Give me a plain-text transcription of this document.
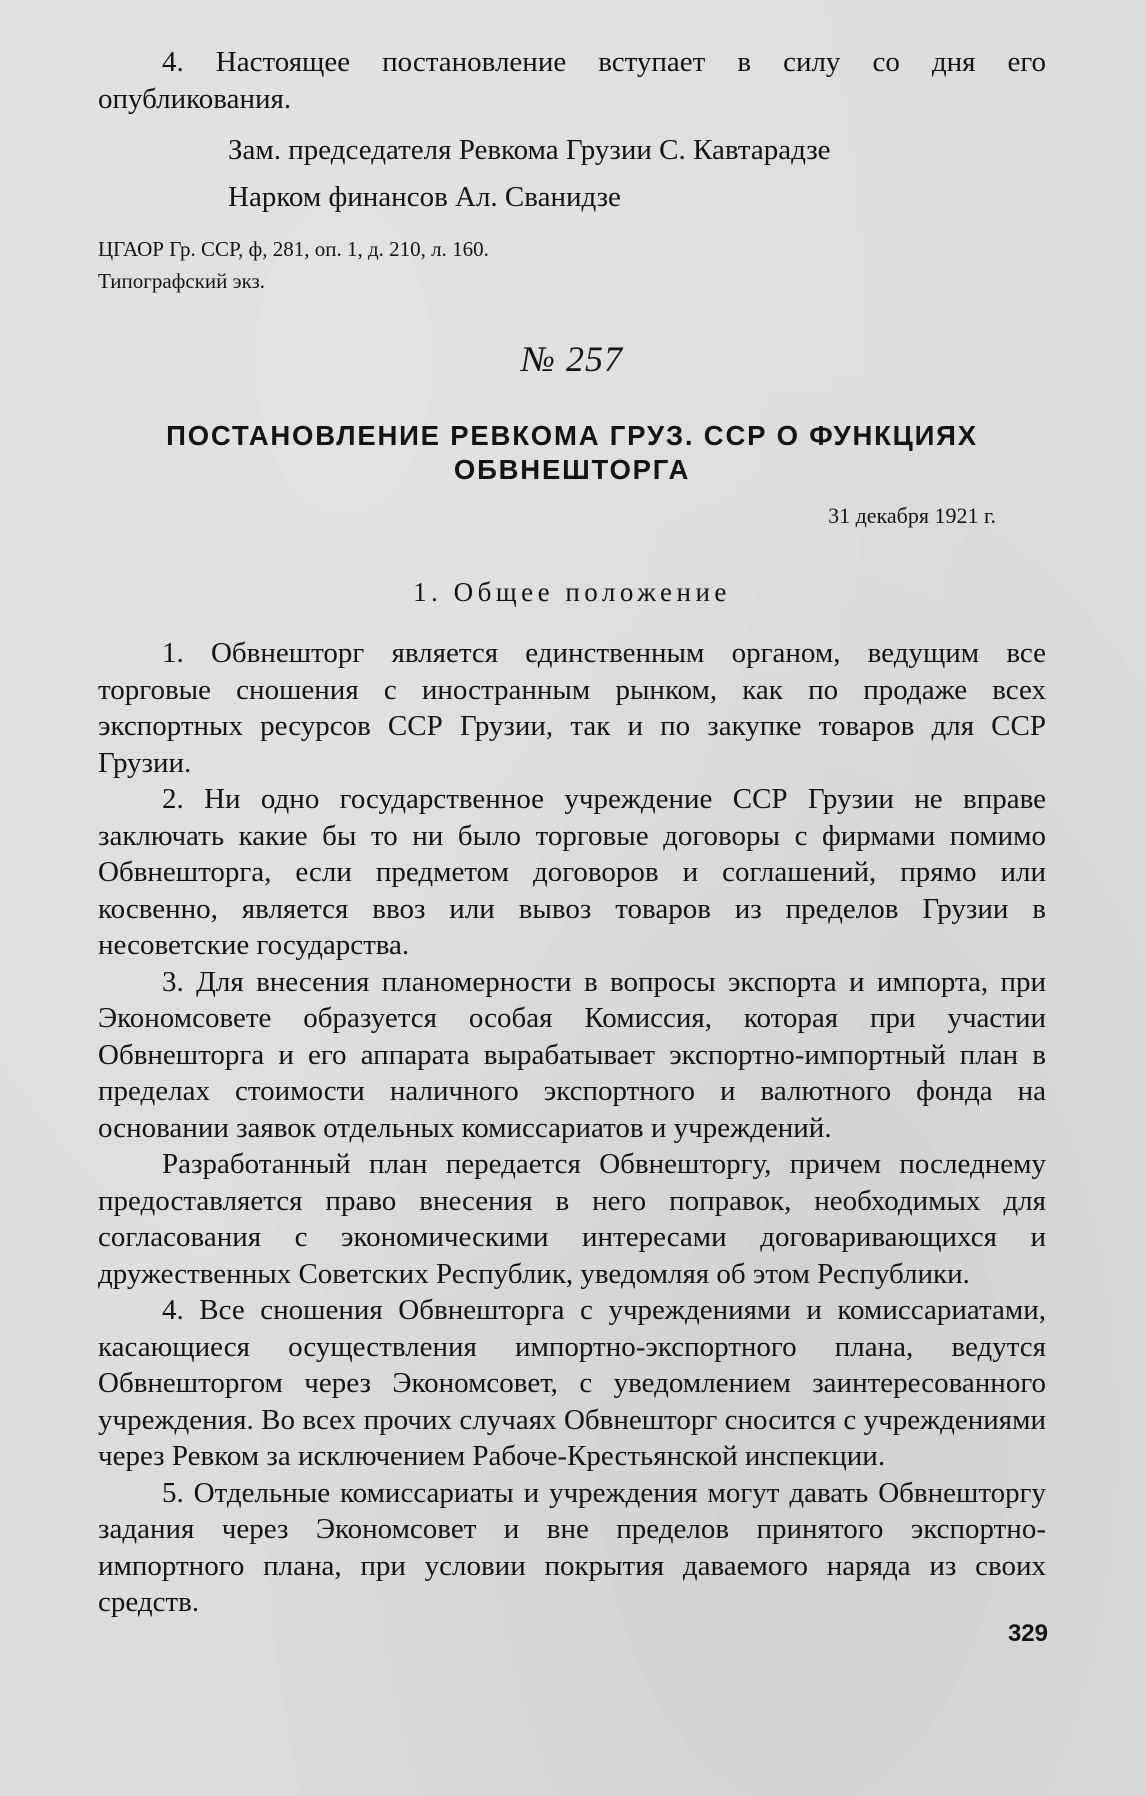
4. Настоящее постановление вступает в силу со дня его опубликования.

Зам. председателя Ревкома Грузии С. Кавтарадзе
Нарком финансов Ал. Сванидзе
ЦГАОР Гр. ССР, ф, 281, оп. 1, д. 210, л. 160.
Типографский экз.
№ 257
ПОСТАНОВЛЕНИЕ РЕВКОМА ГРУЗ. ССР О ФУНКЦИЯХ ОБВНЕШТОРГА
31 декабря 1921 г.
1. Общее положение

1. Обвнешторг является единственным органом, ведущим все торговые сношения с иностранным рынком, как по продаже всех экспортных ресурсов ССР Грузии, так и по закупке товаров для ССР Грузии.

2. Ни одно государственное учреждение ССР Грузии не вправе заключать какие бы то ни было торговые договоры с фирмами помимо Обвнешторга, если предметом договоров и соглашений, прямо или косвенно, является ввоз или вывоз товаров из пределов Грузии в несоветские государства.

3. Для внесения планомерности в вопросы экспорта и импорта, при Экономсовете образуется особая Комиссия, которая при участии Обвнешторга и его аппарата вырабатывает экспортно-импортный план в пределах стоимости наличного экспортного и валютного фонда на основании заявок отдельных комиссариатов и учреждений.

Разработанный план передается Обвнешторгу, причем последнему предоставляется право внесения в него поправок, необходимых для согласования с экономическими интересами договаривающихся и дружественных Советских Республик, уведомляя об этом Республики.

4. Все сношения Обвнешторга с учреждениями и комиссариатами, касающиеся осуществления импортно-экспортного плана, ведутся Обвнешторгом через Экономсовет, с уведомлением заинтересованного учреждения. Во всех прочих случаях Обвнешторг сносится с учреждениями через Ревком за исключением Рабоче-Крестьянской инспекции.

5. Отдельные комиссариаты и учреждения могут давать Обвнешторгу задания через Экономсовет и вне пределов принятого экспортно-импортного плана, при условии покрытия даваемого наряда из своих средств.

329
